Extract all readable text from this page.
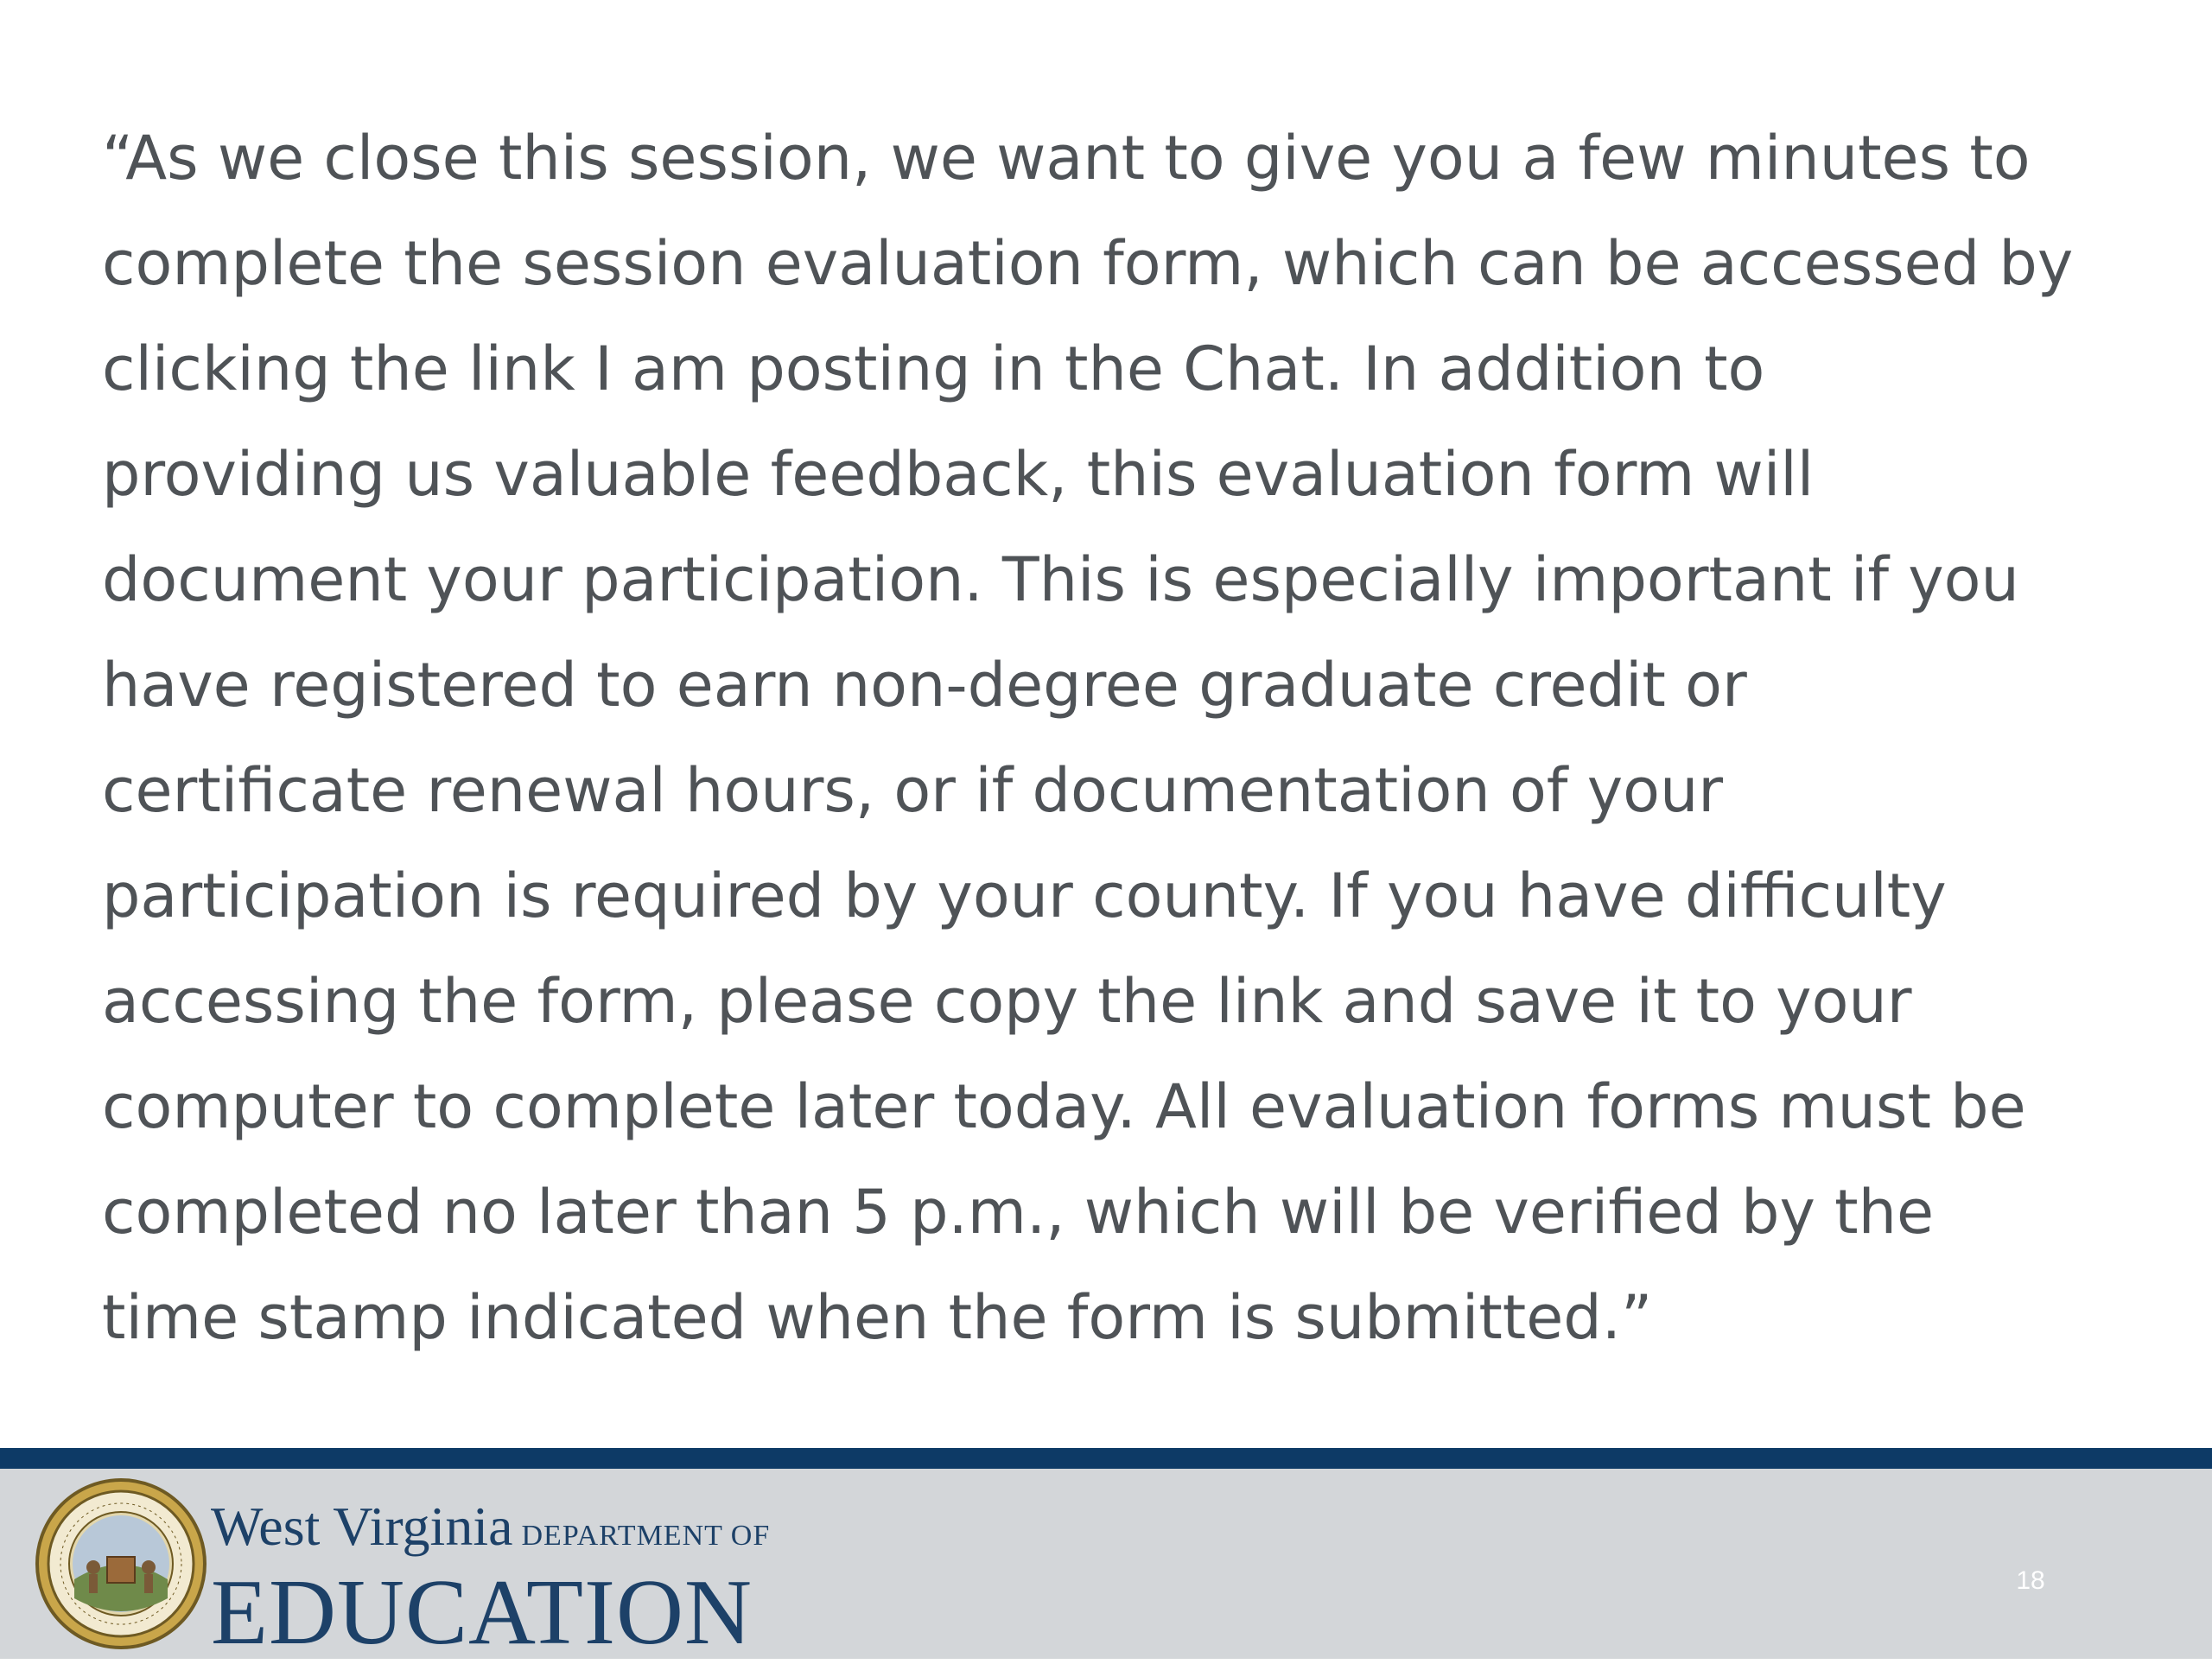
“As we close this session, we want to give you a few minutes to
complete the session evaluation form, which can be accessed by
clicking the link I am posting in the Chat. In addition to
providing us valuable feedback, this evaluation form will
document your participation. This is especially important if you
have registered to earn non-degree graduate credit or
certificate renewal hours, or if documentation of your
participation is required by your county. If you have difficulty
accessing the form, please copy the link and save it to your
computer to complete later today. All evaluation forms must be
completed no later than 5 p.m., which will be verified by the
time stamp indicated when the form is submitted.”
West Virginia DEPARTMENT OF
EDUCATION	18
